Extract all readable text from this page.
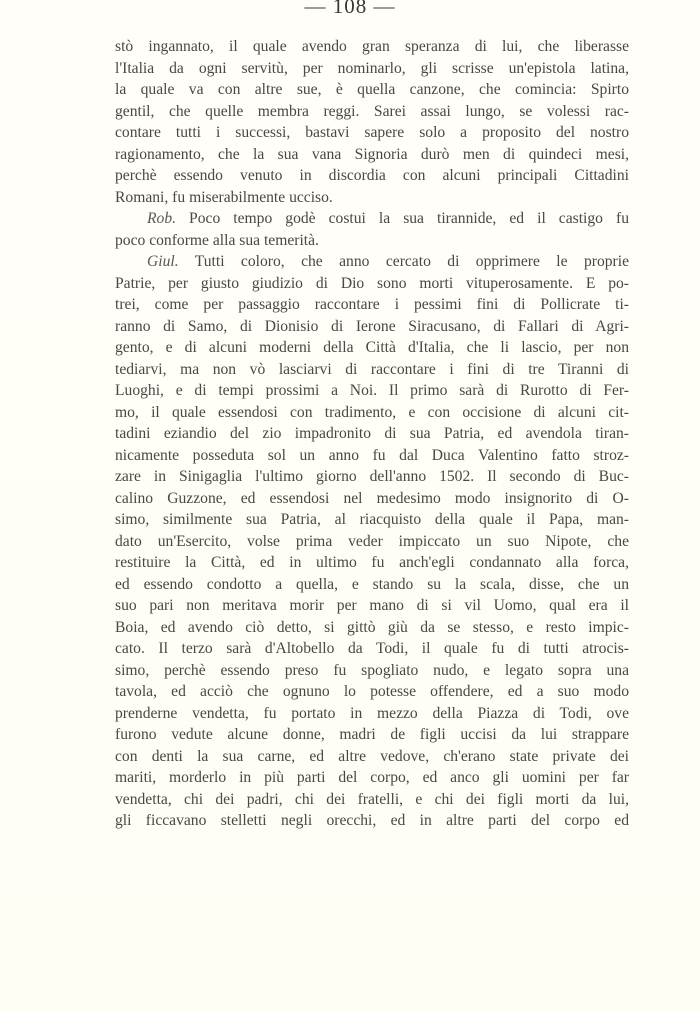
— 108 —
stò ingannato, il quale avendo gran speranza di lui, che liberasse
l'Italia da ogni servitù, per nominarlo, gli scrisse un'epistola latina,
la quale va con altre sue, è quella canzone, che comincia: Spirto
gentil, che quelle membra reggi. Sarei assai lungo, se volessi rac-
contare tutti i successi, bastavi sapere solo a proposito del nostro
ragionamento, che la sua vana Signoria durò men di quindeci mesi,
perchè essendo venuto in discordia con alcuni principali Cittadini
Romani, fu miserabilmente ucciso.
Rob. Poco tempo godè costui la sua tirannide, ed il castigo fu
poco conforme alla sua temerità.
Giul. Tutti coloro, che anno cercato di opprimere le proprie
Patrie, per giusto giudizio di Dio sono morti vituperosamente. E po-
trei, come per passaggio raccontare i pessimi fini di Pollicrate ti-
ranno di Samo, di Dionisio di Ierone Siracusano, di Fallari di Agri-
gento, e di alcuni moderni della Città d'Italia, che li lascio, per non
tediarvi, ma non vò lasciarvi di raccontare i fini di tre Tiranni di
Luoghi, e di tempi prossimi a Noi. Il primo sarà di Rurotto di Fer-
mo, il quale essendosi con tradimento, e con occisione di alcuni cit-
tadini eziandio del zio impadronito di sua Patria, ed avendola tiran-
nicamente posseduta sol un anno fu dal Duca Valentino fatto stroz-
zare in Sinigaglia l'ultimo giorno dell'anno 1502. Il secondo di Buc-
calino Guzzone, ed essendosi nel medesimo modo insignorito di O-
simo, similmente sua Patria, al riacquisto della quale il Papa, man-
dato un'Esercito, volse prima veder impiccato un suo Nipote, che
restituire la Città, ed in ultimo fu anch'egli condannato alla forca,
ed essendo condotto a quella, e stando su la scala, disse, che un
suo pari non meritava morir per mano di si vil Uomo, qual era il
Boia, ed avendo ciò detto, si gittò giù da se stesso, e resto impic-
cato. Il terzo sarà d'Altobello da Todi, il quale fu di tutti atrocis-
simo, perchè essendo preso fu spogliato nudo, e legato sopra una
tavola, ed acciò che ognuno lo potesse offendere, ed a suo modo
prenderne vendetta, fu portato in mezzo della Piazza di Todi, ove
furono vedute alcune donne, madri de figli uccisi da lui strappare
con denti la sua carne, ed altre vedove, ch'erano state private dei
mariti, morderlo in più parti del corpo, ed anco gli uomini per far
vendetta, chi dei padri, chi dei fratelli, e chi dei figli morti da lui,
gli ficcavano stelletti negli orecchi, ed in altre parti del corpo ed
